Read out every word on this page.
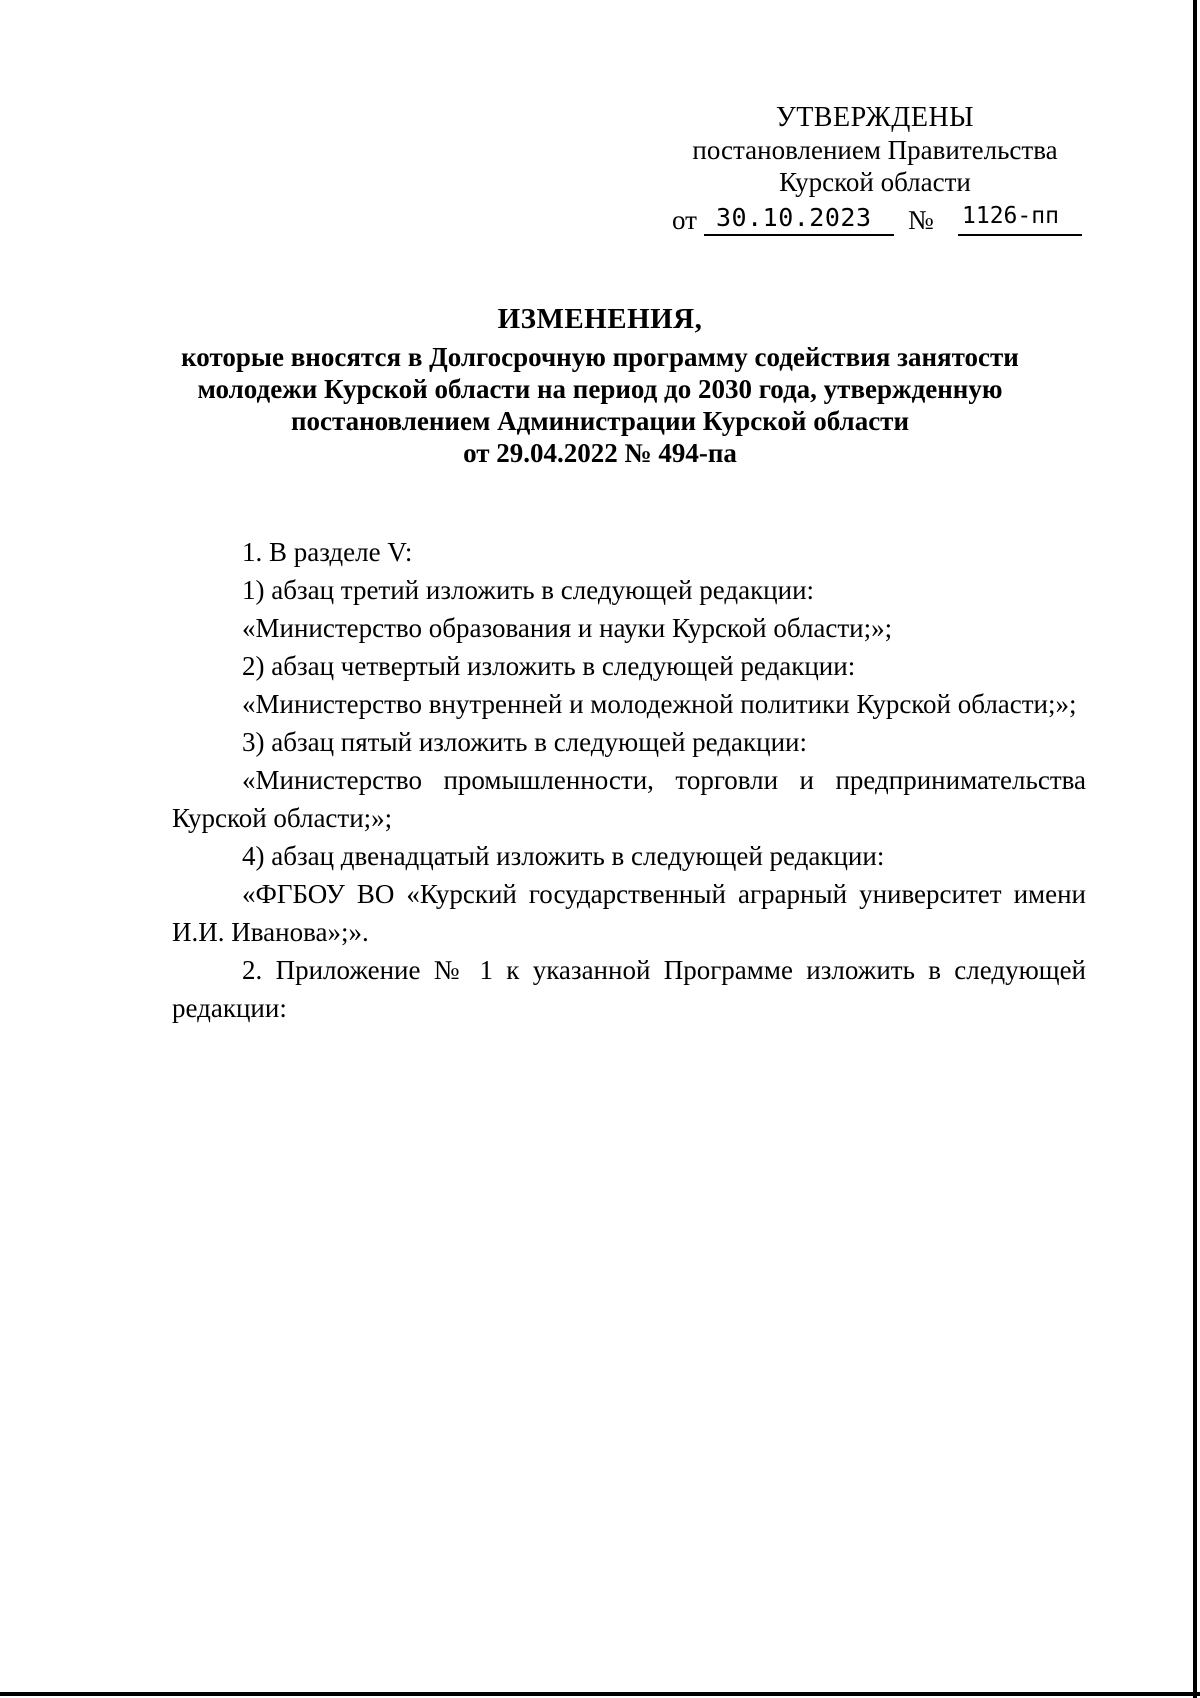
УТВЕРЖДЕНЫ
постановлением Правительства
Курской области
от 30.10.2023	№ 1126-пп
ИЗМЕНЕНИЯ,
которые вносятся в Долгосрочную программу содействия занятости
молодежи Курской области на период до 2030 года, утвержденную
постановлением Администрации Курской области
от 29.04.2022 № 494-па

1. В разделе V:

1) абзац третий изложить в следующей редакции:

«Министерство образования и науки Курской области;»;

2) абзац четвертый изложить в следующей редакции:

«Министерство внутренней и молодежной политики Курской области;»;

3) абзац пятый изложить в следующей редакции:

«Министерство промышленности, торговли и предпринимательства Курской области;»;

4) абзац двенадцатый изложить в следующей редакции:

«ФГБОУ ВО «Курский государственный аграрный университет имени И.И. Иванова»;».

2. Приложение № 1 к указанной Программе изложить в следующей редакции:
